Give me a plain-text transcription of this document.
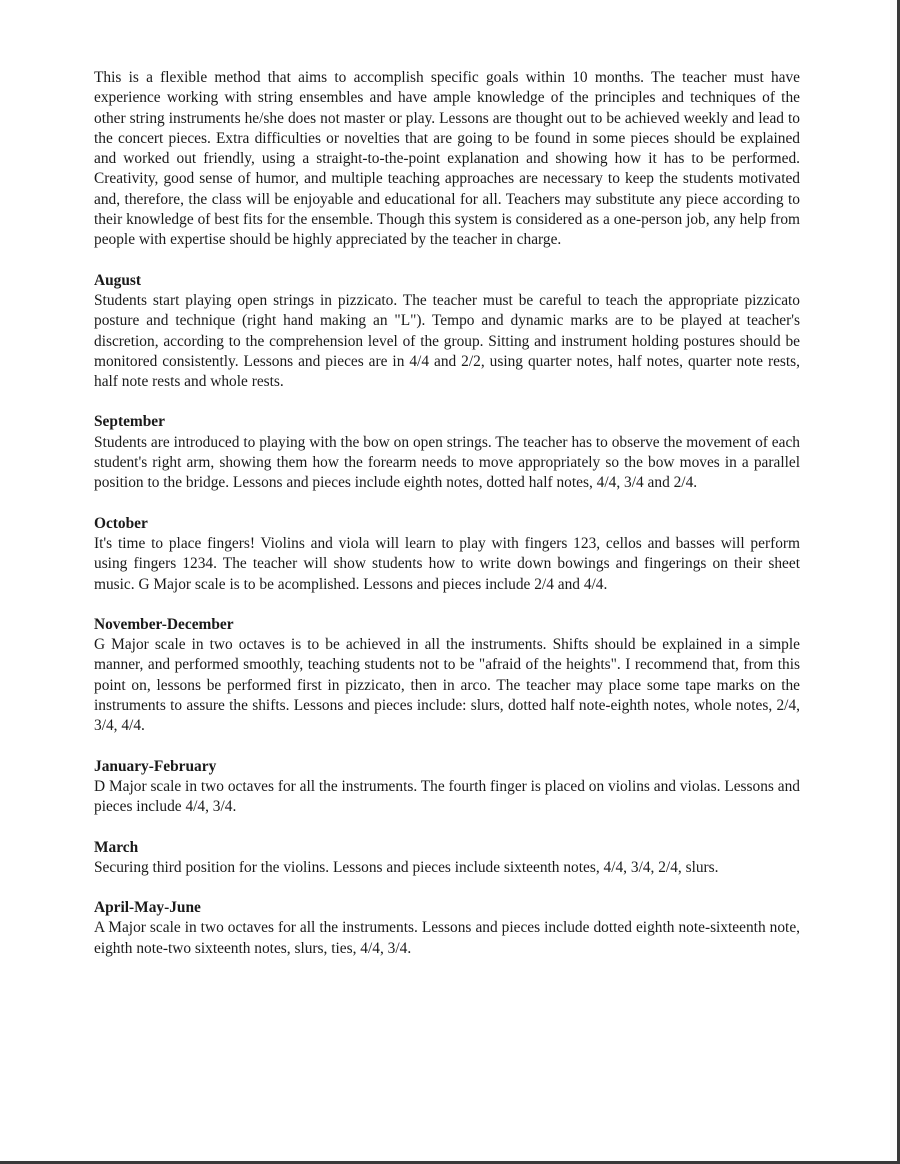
This is a flexible method that aims to accomplish specific goals within 10 months. The teacher must have experience working with string ensembles and have ample knowledge of the principles and techniques of the other string instruments he/she does not master or play. Lessons are thought out to be achieved weekly and lead to the concert pieces. Extra difficulties or novelties that are going to be found in some pieces should be explained and worked out friendly, using a straight-to-the-point explanation and showing how it has to be performed. Creativity, good sense of humor, and multiple teaching approaches are necessary to keep the students motivated and, therefore, the class will be enjoyable and educational for all. Teachers may substitute any piece according to their knowledge of best fits for the ensemble. Though this system is considered as a one-person job, any help from people with expertise should be highly appreciated by the teacher in charge.

August

Students start playing open strings in pizzicato. The teacher must be careful to teach the appropriate pizzicato posture and technique (right hand making an "L"). Tempo and dynamic marks are to be played at teacher's discretion, according to the comprehension level of the group. Sitting and instrument holding postures should be monitored consistently. Lessons and pieces are in 4/4 and 2/2, using quarter notes, half notes, quarter note rests, half note rests and whole rests.

September

Students are introduced to playing with the bow on open strings. The teacher has to observe the movement of each student's right arm, showing them how the forearm needs to move appropriately so the bow moves in a parallel position to the bridge. Lessons and pieces include eighth notes, dotted half notes, 4/4, 3/4 and 2/4.

October

It's time to place fingers! Violins and viola will learn to play with fingers 123, cellos and basses will perform using fingers 1234. The teacher will show students how to write down bowings and fingerings on their sheet music. G Major scale is to be acomplished. Lessons and pieces include 2/4 and 4/4.

November-December

G Major scale in two octaves is to be achieved in all the instruments. Shifts should be explained in a simple manner, and performed smoothly, teaching students not to be "afraid of the heights". I recommend that, from this point on, lessons be performed first in pizzicato, then in arco. The teacher may place some tape marks on the instruments to assure the shifts. Lessons and pieces include: slurs, dotted half note-eighth notes, whole notes, 2/4, 3/4, 4/4.

January-February

D Major scale in two octaves for all the instruments. The fourth finger is placed on violins and violas. Lessons and pieces include 4/4, 3/4.

March

Securing third position for the violins. Lessons and pieces include sixteenth notes, 4/4, 3/4, 2/4, slurs.

April-May-June

A Major scale in two octaves for all the instruments. Lessons and pieces include dotted eighth note-sixteenth note, eighth note-two sixteenth notes, slurs, ties, 4/4, 3/4.
